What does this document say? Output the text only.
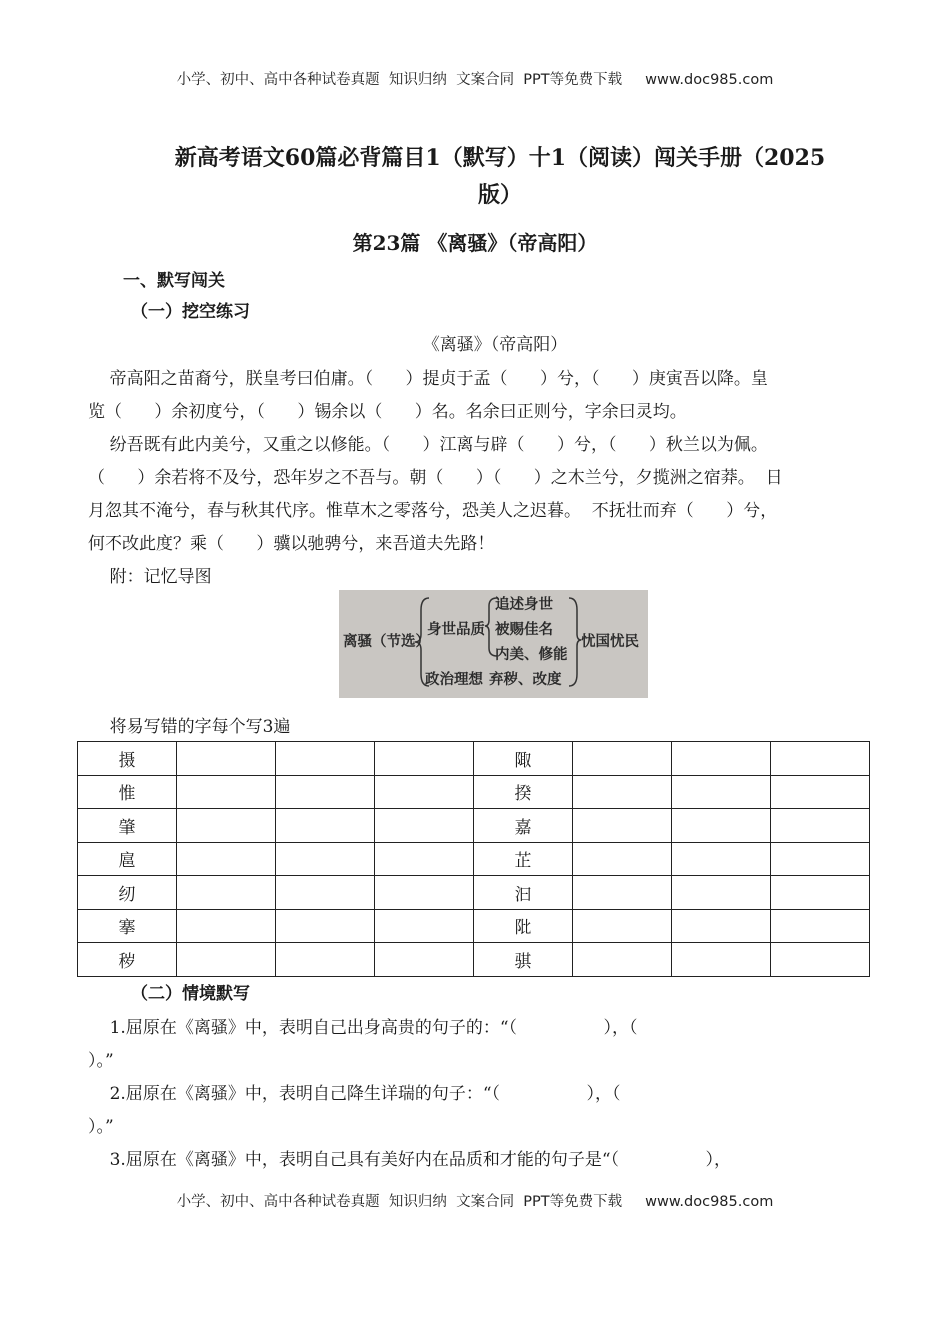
小学、初中、高中各种试卷真题  知识归纳  文案合同  PPT等免费下载     www.doc985.com
新高考语文60篇必背篇目1（默写）十1（阅读）闯关手册（2025
版）
第23篇 《离骚》（帝高阳）
一、默写闯关
（一）挖空练习
《离骚》（帝高阳）
帝高阳之苗裔兮，朕皇考曰伯庸。（      ）提贞于孟（      ）兮，（      ）庚寅吾以降。皇
览（      ）余初度兮，（      ）锡余以（      ）名。名余曰正则兮，字余曰灵均。
纷吾既有此内美兮，又重之以修能。（      ）江离与辟（      ）兮，（      ）秋兰以为佩。
（      ）余若将不及兮，恐年岁之不吾与。朝（      ）（      ）之木兰兮，夕揽洲之宿莽。  日
月忽其不淹兮，春与秋其代序。惟草木之零落兮，恐美人之迟暮。  不抚壮而弃（      ）兮，
何不改此度？乘（      ）骥以驰骋兮，来吾道夫先路！
附：记忆导图
离骚（节选）
身世品质
政治理想
追述身世
被赐佳名
内美、修能
弃秽、改度
忧国忧民
将易写错的字每个写3遍
摄				陬			
惟				揆			
肇				嘉			
扈				芷			
纫				汩			
搴				阰			
秽				骐			
（二）情境默写
1.屈原在《离骚》中，表明自己出身高贵的句子的：“（                ），（
）。”
2.屈原在《离骚》中，表明自己降生详瑞的句子：“（                ），（
）。”
3.屈原在《离骚》中，表明自己具有美好内在品质和才能的句子是“（                ），
小学、初中、高中各种试卷真题  知识归纳  文案合同  PPT等免费下载     www.doc985.com
